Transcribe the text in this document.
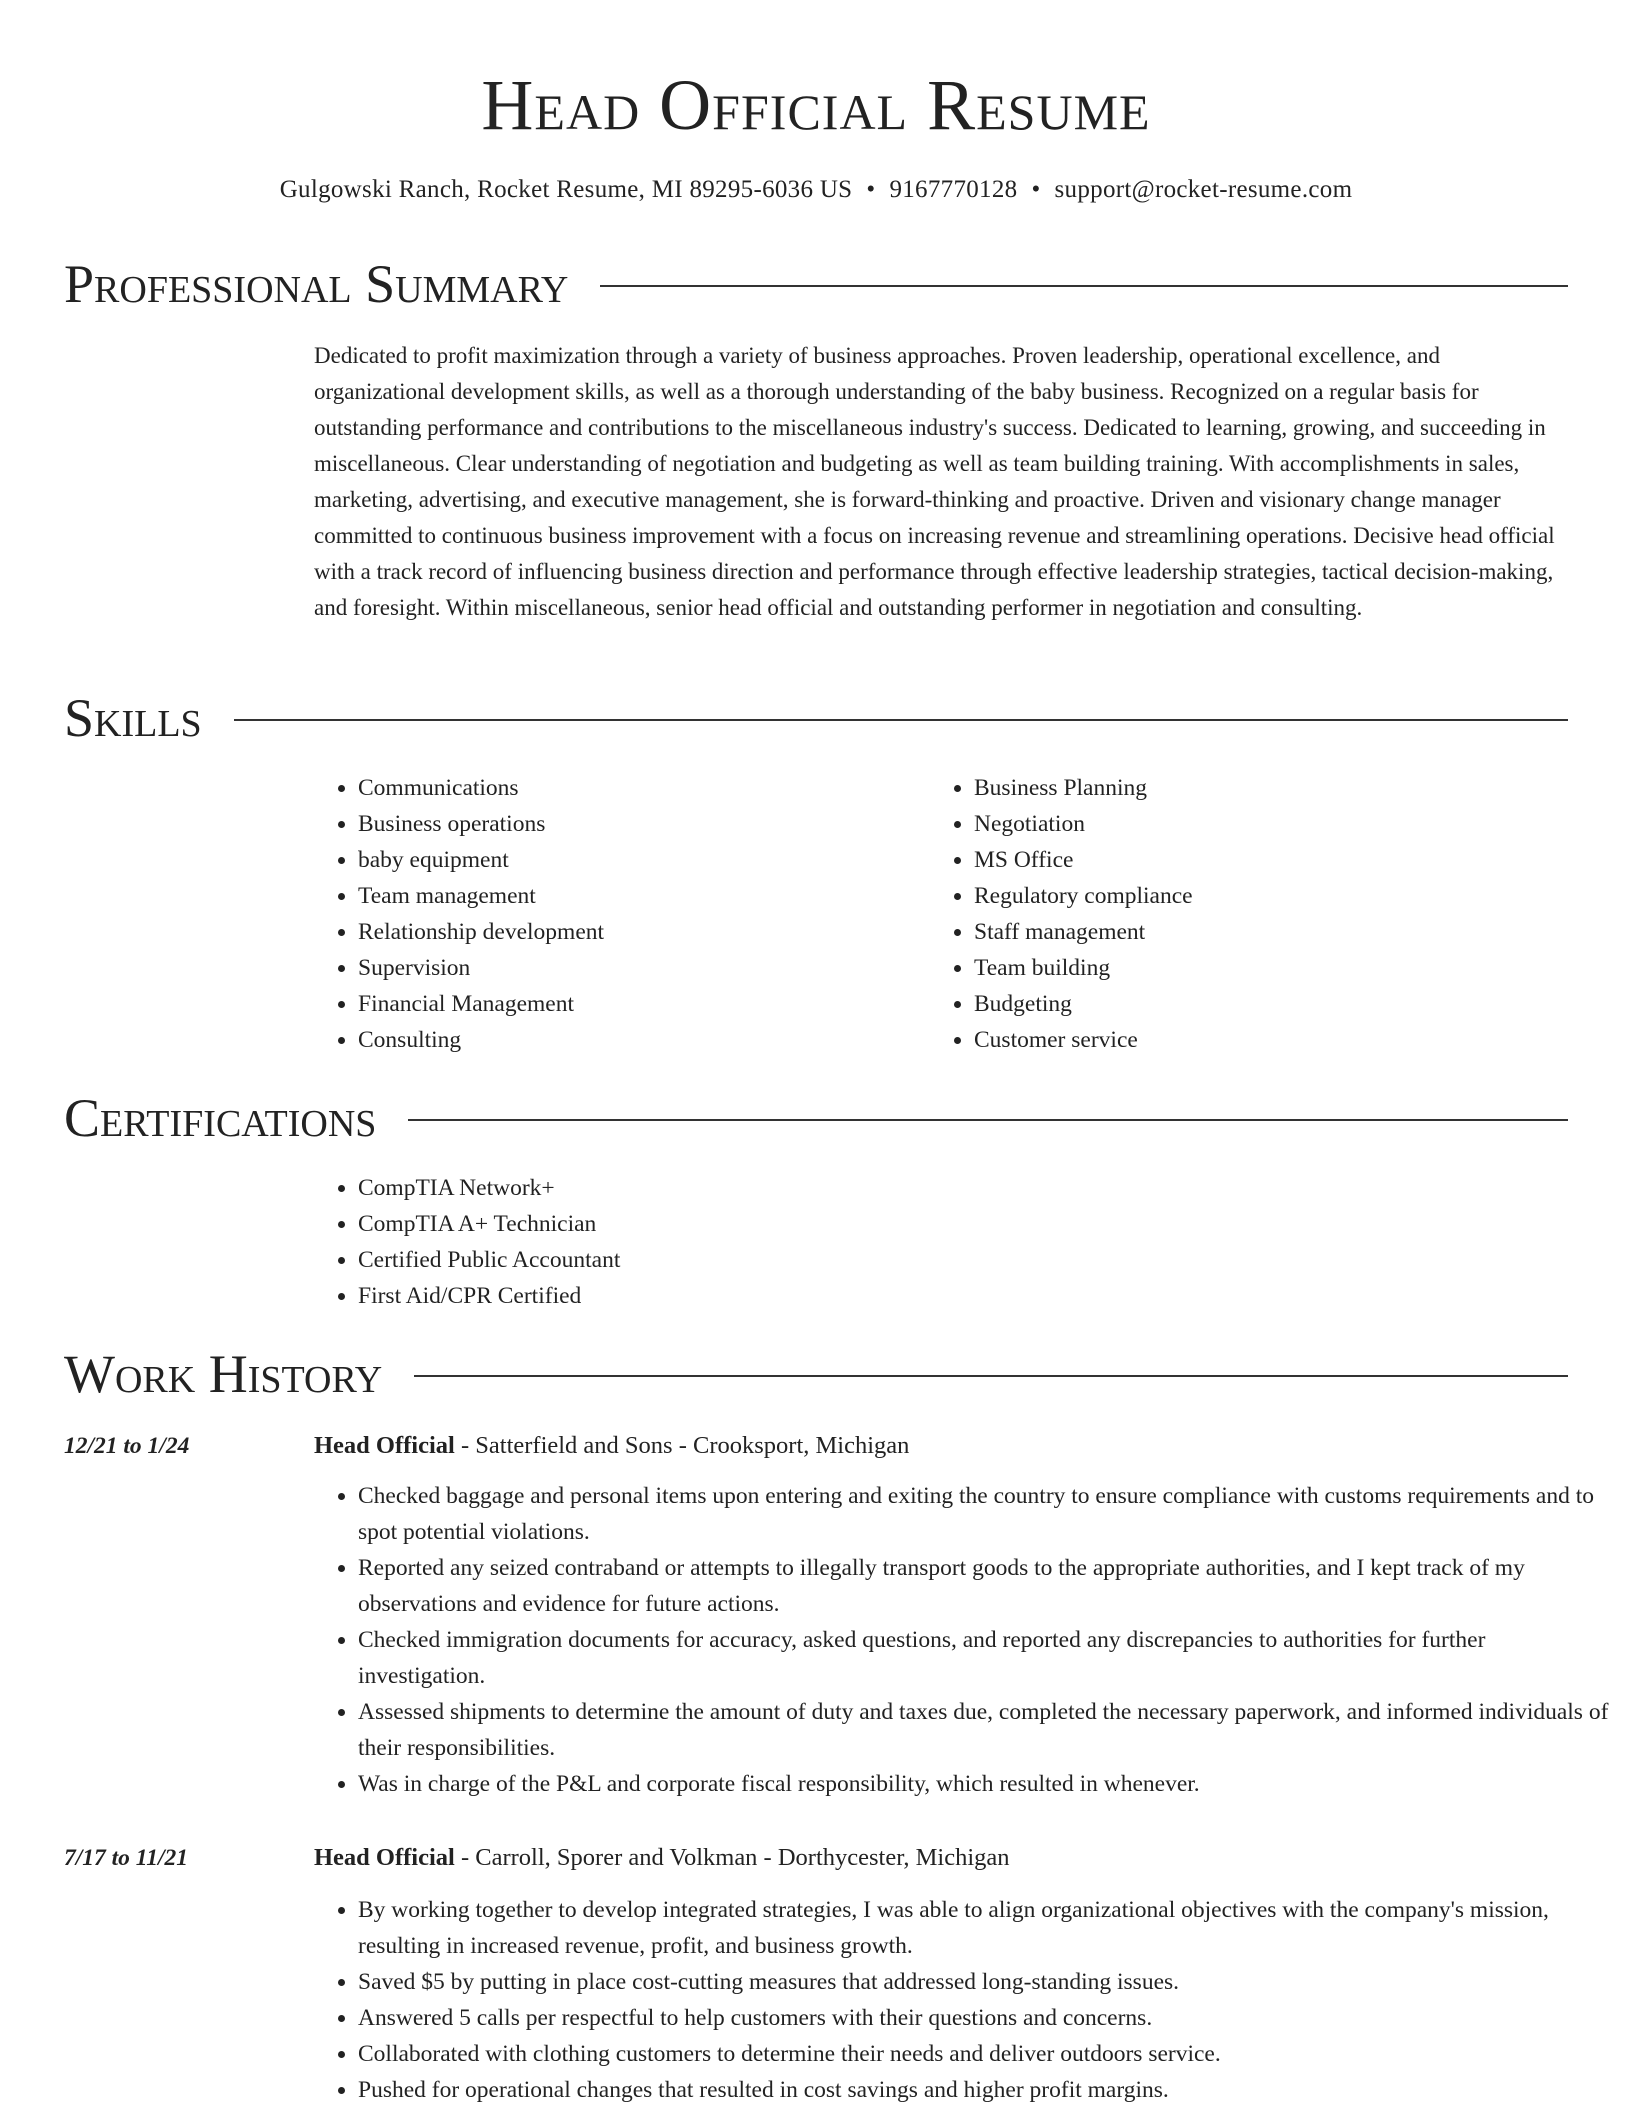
Head Official Resume
Gulgowski Ranch, Rocket Resume, MI 89295-6036 US • 9167770128 • support@rocket-resume.com
Professional Summary
Dedicated to profit maximization through a variety of business approaches. Proven leadership, operational excellence, and organizational development skills, as well as a thorough understanding of the baby business. Recognized on a regular basis for outstanding performance and contributions to the miscellaneous industry's success. Dedicated to learning, growing, and succeeding in miscellaneous. Clear understanding of negotiation and budgeting as well as team building training. With accomplishments in sales, marketing, advertising, and executive management, she is forward-thinking and proactive. Driven and visionary change manager committed to continuous business improvement with a focus on increasing revenue and streamlining operations. Decisive head official with a track record of influencing business direction and performance through effective leadership strategies, tactical decision-making, and foresight. Within miscellaneous, senior head official and outstanding performer in negotiation and consulting.
Skills
• Communications
• Business operations
• baby equipment
• Team management
• Relationship development
• Supervision
• Financial Management
• Consulting
• Business Planning
• Negotiation
• MS Office
• Regulatory compliance
• Staff management
• Team building
• Budgeting
• Customer service
Certifications
• CompTIA Network+
• CompTIA A+ Technician
• Certified Public Accountant
• First Aid/CPR Certified
Work History
12/21 to 1/24	Head Official - Satterfield and Sons - Crooksport, Michigan
• Checked baggage and personal items upon entering and exiting the country to ensure compliance with customs requirements and to spot potential violations.
• Reported any seized contraband or attempts to illegally transport goods to the appropriate authorities, and I kept track of my observations and evidence for future actions.
• Checked immigration documents for accuracy, asked questions, and reported any discrepancies to authorities for further investigation.
• Assessed shipments to determine the amount of duty and taxes due, completed the necessary paperwork, and informed individuals of their responsibilities.
• Was in charge of the P&L and corporate fiscal responsibility, which resulted in whenever.
7/17 to 11/21	Head Official - Carroll, Sporer and Volkman - Dorthycester, Michigan
• By working together to develop integrated strategies, I was able to align organizational objectives with the company's mission, resulting in increased revenue, profit, and business growth.
• Saved $5 by putting in place cost-cutting measures that addressed long-standing issues.
• Answered 5 calls per respectful to help customers with their questions and concerns.
• Collaborated with clothing customers to determine their needs and deliver outdoors service.
• Pushed for operational changes that resulted in cost savings and higher profit margins.
